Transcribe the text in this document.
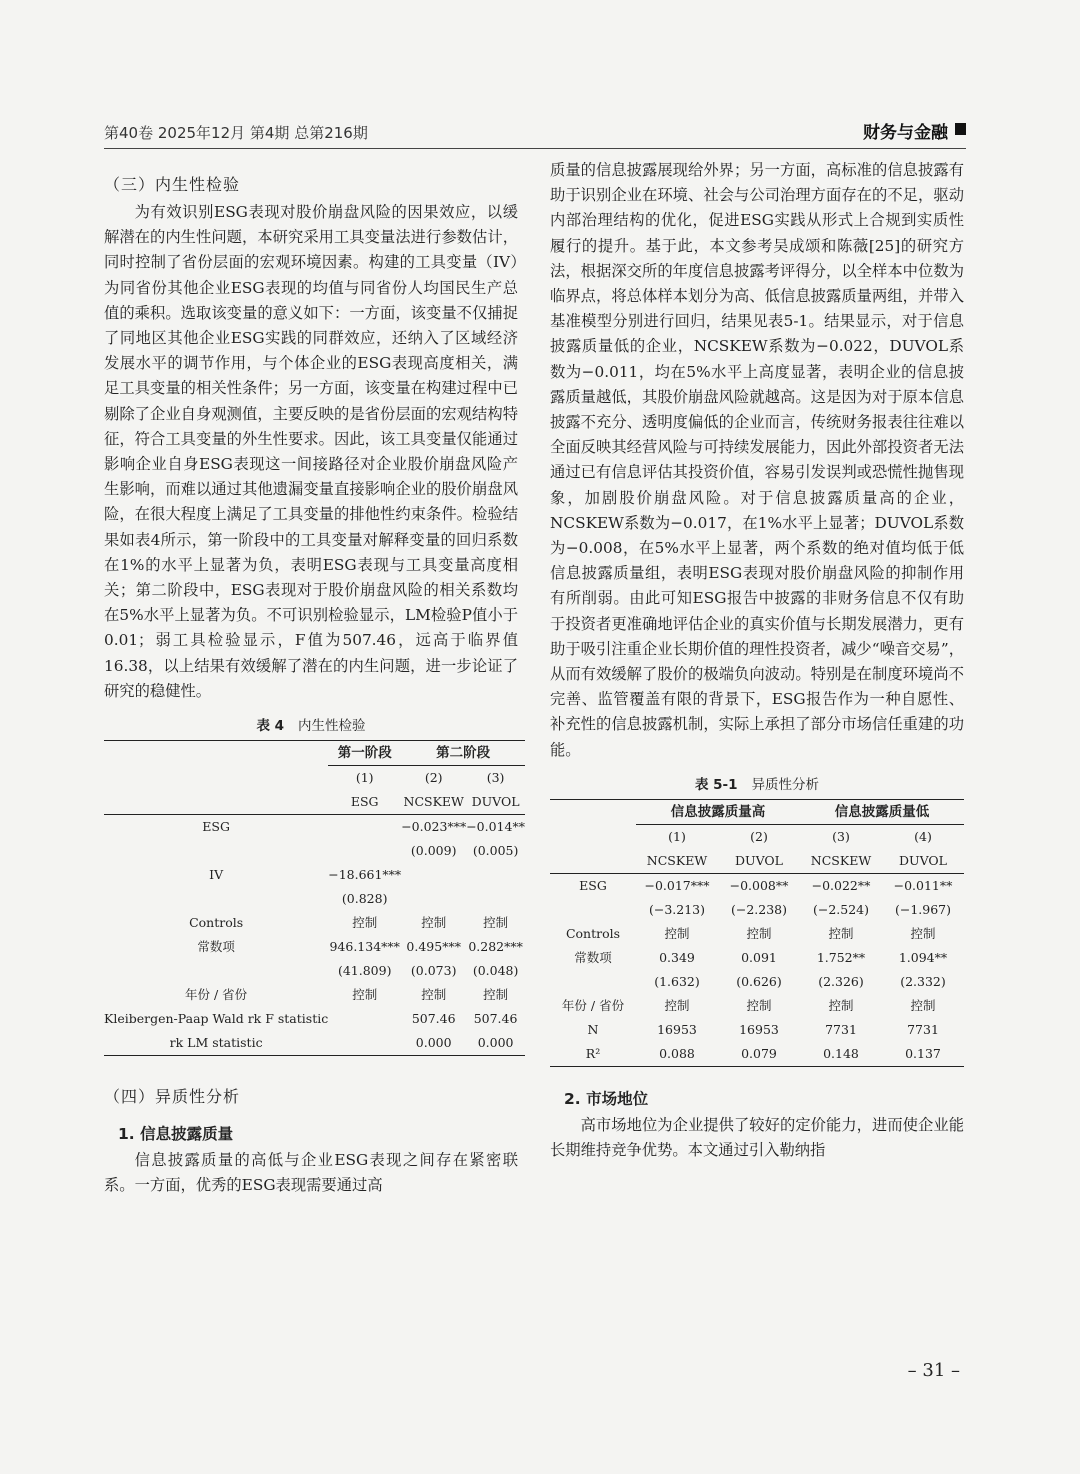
第40卷 2025年12月 第4期 总第216期	财务与金融
（三）内生性检验

为有效识别ESG表现对股价崩盘风险的因果效应，以缓解潜在的内生性问题，本研究采用工具变量法进行参数估计，同时控制了省份层面的宏观环境因素。构建的工具变量（IV）为同省份其他企业ESG表现的均值与同省份人均国民生产总值的乘积。选取该变量的意义如下：一方面，该变量不仅捕捉了同地区其他企业ESG实践的同群效应，还纳入了区域经济发展水平的调节作用，与个体企业的ESG表现高度相关，满足工具变量的相关性条件；另一方面，该变量在构建过程中已剔除了企业自身观测值，主要反映的是省份层面的宏观结构特征，符合工具变量的外生性要求。因此，该工具变量仅能通过影响企业自身ESG表现这一间接路径对企业股价崩盘风险产生影响，而难以通过其他遗漏变量直接影响企业的股价崩盘风险，在很大程度上满足了工具变量的排他性约束条件。检验结果如表4所示，第一阶段中的工具变量对解释变量的回归系数在1%的水平上显著为负，表明ESG表现与工具变量高度相关；第二阶段中，ESG表现对于股价崩盘风险的相关系数均在5%水平上显著为负。不可识别检验显示，LM检验P值小于0.01；弱工具检验显示，F值为507.46，远高于临界值16.38，以上结果有效缓解了潜在的内生问题，进一步论证了研究的稳健性。

表 4 内生性检验
	第一阶段	第二阶段	
	(1)	(2)	(3)
	ESG	NCSKEW	DUVOL
ESG		−0.023***	−0.014**
		(0.009)	(0.005)
IV	−18.661***		
	(0.828)		
Controls	控制	控制	控制
常数项	946.134***	0.495***	0.282***
	(41.809)	(0.073)	(0.048)
年份 / 省份	控制	控制	控制
Kleibergen-Paap Wald rk F statistic		507.46	507.46
rk LM statistic		0.000	0.000
（四）异质性分析
1. 信息披露质量

信息披露质量的高低与企业ESG表现之间存在紧密联系。一方面，优秀的ESG表现需要通过高

质量的信息披露展现给外界；另一方面，高标准的信息披露有助于识别企业在环境、社会与公司治理方面存在的不足，驱动内部治理结构的优化，促进ESG实践从形式上合规到实质性履行的提升。基于此，本文参考吴成颂和陈薇[25]的研究方法，根据深交所的年度信息披露考评得分，以全样本中位数为临界点，将总体样本划分为高、低信息披露质量两组，并带入基准模型分别进行回归，结果见表5-1。结果显示，对于信息披露质量低的企业，NCSKEW系数为−0.022，DUVOL系数为−0.011，均在5%水平上高度显著，表明企业的信息披露质量越低，其股价崩盘风险就越高。这是因为对于原本信息披露不充分、透明度偏低的企业而言，传统财务报表往往难以全面反映其经营风险与可持续发展能力，因此外部投资者无法通过已有信息评估其投资价值，容易引发误判或恐慌性抛售现象，加剧股价崩盘风险。对于信息披露质量高的企业，NCSKEW系数为−0.017，在1%水平上显著；DUVOL系数为−0.008，在5%水平上显著，两个系数的绝对值均低于低信息披露质量组，表明ESG表现对股价崩盘风险的抑制作用有所削弱。由此可知ESG报告中披露的非财务信息不仅有助于投资者更准确地评估企业的真实价值与长期发展潜力，更有助于吸引注重企业长期价值的理性投资者，减少“噪音交易”，从而有效缓解了股价的极端负向波动。特别是在制度环境尚不完善、监管覆盖有限的背景下，ESG报告作为一种自愿性、补充性的信息披露机制，实际上承担了部分市场信任重建的功能。

表 5-1 异质性分析
	信息披露质量高		信息披露质量低	
	(1)	(2)	(3)	(4)
	NCSKEW	DUVOL	NCSKEW	DUVOL
ESG	−0.017***	−0.008**	−0.022**	−0.011**
	(−3.213)	(−2.238)	(−2.524)	(−1.967)
Controls	控制	控制	控制	控制
常数项	0.349	0.091	1.752**	1.094**
	(1.632)	(0.626)	(2.326)	(2.332)
年份 / 省份	控制	控制	控制	控制
N	16953	16953	7731	7731
R²	0.088	0.079	0.148	0.137
2. 市场地位

高市场地位为企业提供了较好的定价能力，进而使企业能长期维持竞争优势。本文通过引入勒纳指

– 31 –
